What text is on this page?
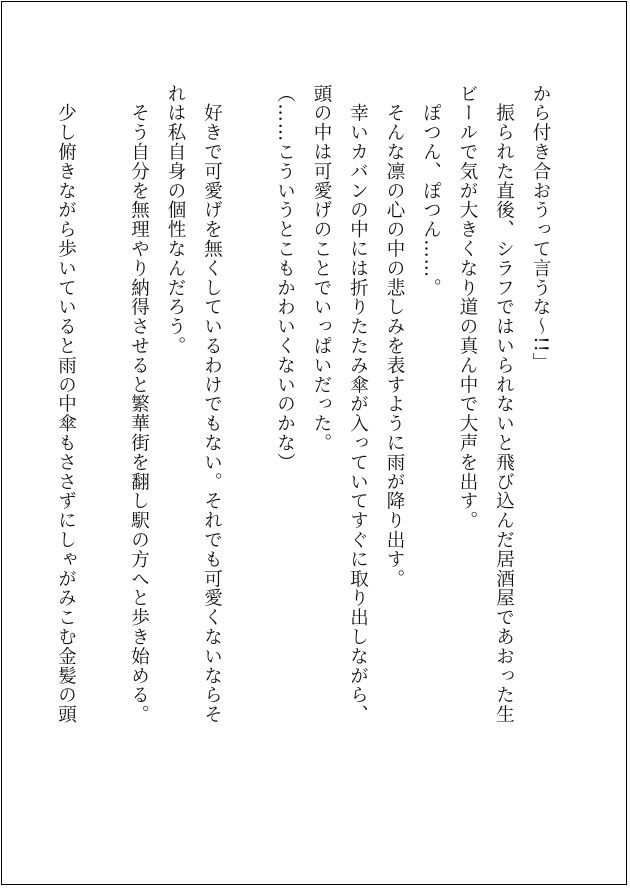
から付き合おうって言うな～!!」
　振られた直後、シラフではいられないと飛び込んだ居酒屋であおった生
ビールで気が大きくなり道の真ん中で大声を出す。
　ぽつん、ぽつん……。
　そんな凛の心の中の悲しみを表すように雨が降り出す。
　幸いカバンの中には折りたたみ傘が入っていてすぐに取り出しながら、
頭の中は可愛げのことでいっぱいだった。
（……こういうとこもかわいくないのかな）
　好きで可愛げを無くしているわけでもない。それでも可愛くないならそ
れは私自身の個性なんだろう。
　そう自分を無理やり納得させると繁華街を翻し駅の方へと歩き始める。
　少し俯きながら歩いていると雨の中傘もささずにしゃがみこむ金髪の頭
